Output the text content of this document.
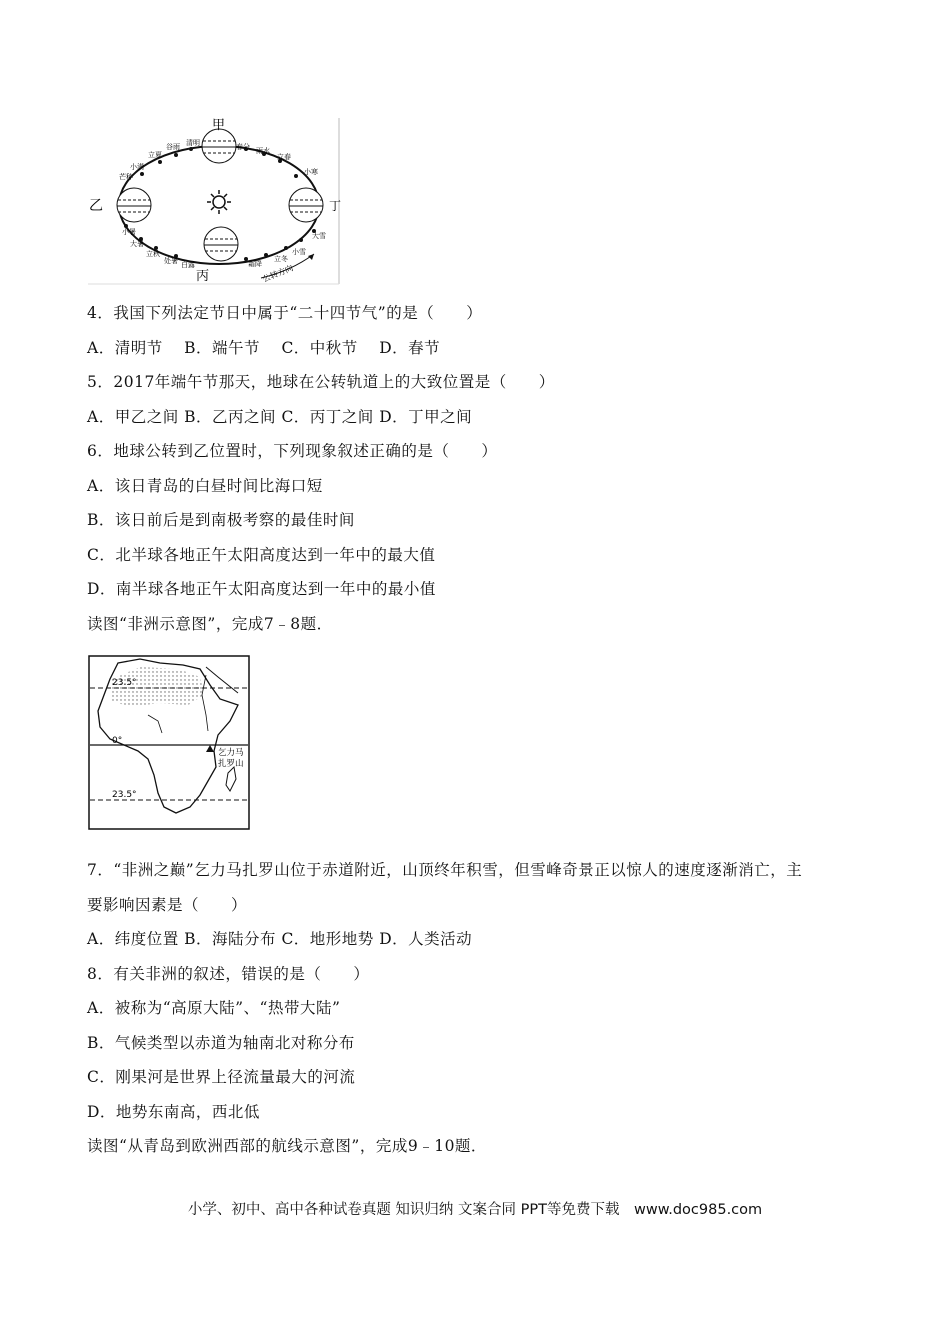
甲
乙
丙
丁
谷雨 清明	春分 雨水
立春
立夏
小满
芒种
小寒
大雪
小暑
大暑
立秋
处暑 白露	霜降
立冬
小雪
公转方向
4．我国下列法定节日中属于“二十四节气”的是（　　）
A．清明节　 B．端午节　 C．中秋节　 D．春节
5．2017年端午节那天，地球在公转轨道上的大致位置是（　　）
A．甲乙之间 B．乙丙之间 C．丙丁之间 D．丁甲之间
6．地球公转到乙位置时，下列现象叙述正确的是（　　）
A．该日青岛的白昼时间比海口短
B．该日前后是到南极考察的最佳时间
C．北半球各地正午太阳高度达到一年中的最大值
D．南半球各地正午太阳高度达到一年中的最小值
读图“非洲示意图”，完成7﹣8题．
23.5°
0°
23.5°
乞力马
扎罗山
7．“非洲之巅”乞力马扎罗山位于赤道附近，山顶终年积雪，但雪峰奇景正以惊人的速度逐渐消亡，主
要影响因素是（　　）
A．纬度位置 B．海陆分布 C．地形地势 D．人类活动
8．有关非洲的叙述，错误的是（　　）
A．被称为“高原大陆”、“热带大陆”
B．气候类型以赤道为轴南北对称分布
C．刚果河是世界上径流量最大的河流
D．地势东南高，西北低
读图“从青岛到欧洲西部的航线示意图”，完成9﹣10题．
小学、初中、高中各种试卷真题 知识归纳 文案合同 PPT等免费下载　www.doc985.com
